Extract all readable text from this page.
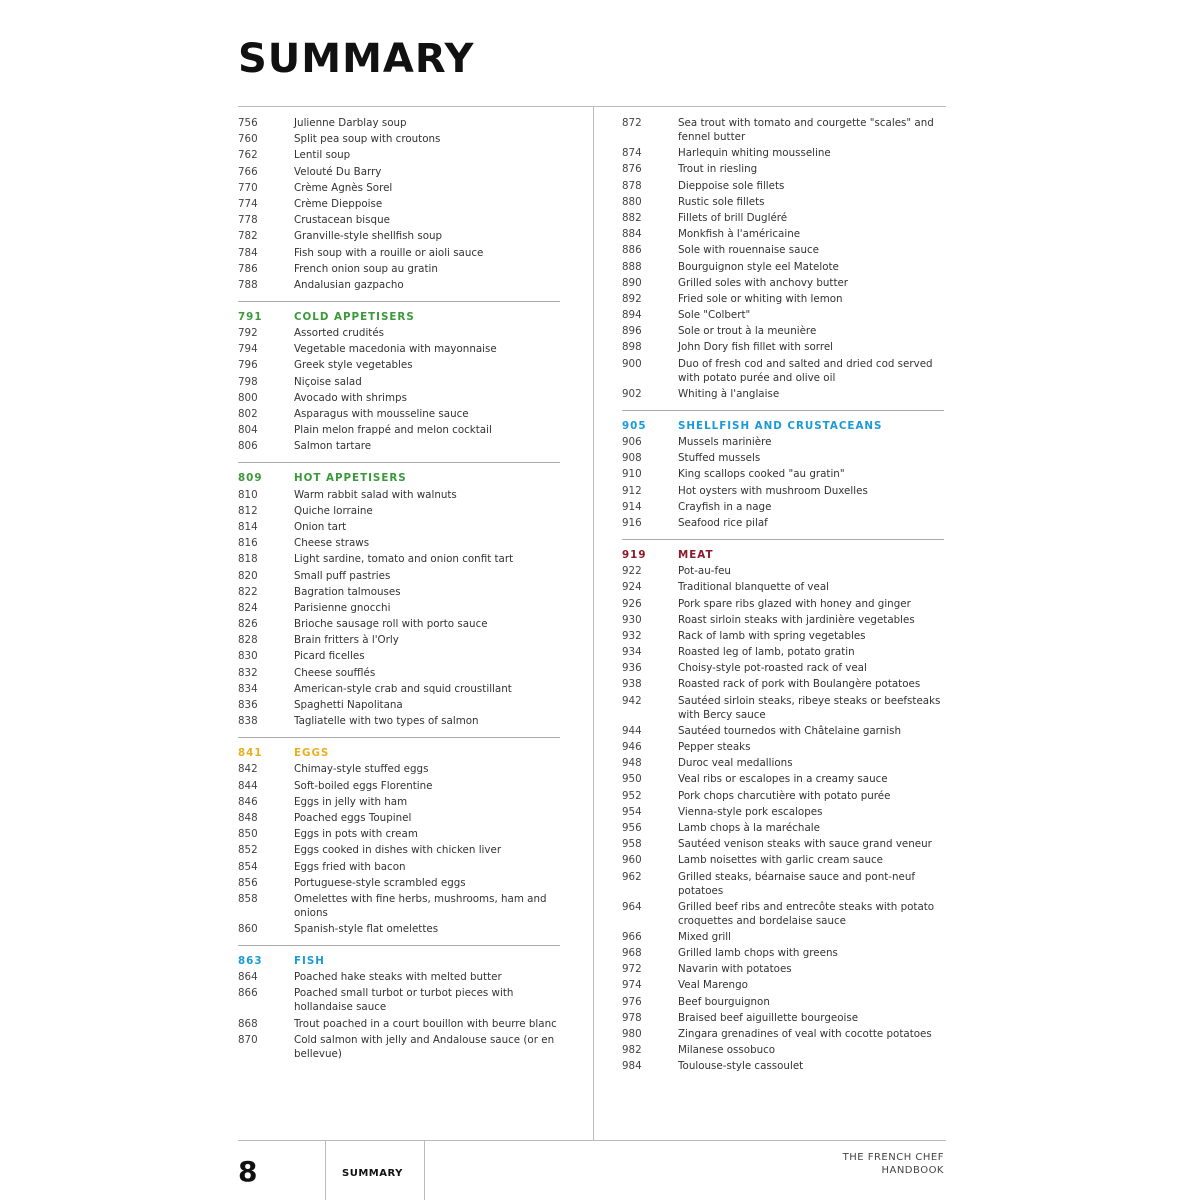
SUMMARY
756	Julienne Darblay soup
760	Split pea soup with croutons
762	Lentil soup
766	Velouté Du Barry
770	Crème Agnès Sorel
774	Crème Dieppoise
778	Crustacean bisque
782	Granville-style shellfish soup
784	Fish soup with a rouille or aioli sauce
786	French onion soup au gratin
788	Andalusian gazpacho
791	COLD APPETISERS
792	Assorted crudités
794	Vegetable macedonia with mayonnaise
796	Greek style vegetables
798	Niçoise salad
800	Avocado with shrimps
802	Asparagus with mousseline sauce
804	Plain melon frappé and melon cocktail
806	Salmon tartare
809	HOT APPETISERS
810	Warm rabbit salad with walnuts
812	Quiche lorraine
814	Onion tart
816	Cheese straws
818	Light sardine, tomato and onion confit tart
820	Small puff pastries
822	Bagration talmouses
824	Parisienne gnocchi
826	Brioche sausage roll with porto sauce
828	Brain fritters à l'Orly
830	Picard ficelles
832	Cheese soufflés
834	American-style crab and squid croustillant
836	Spaghetti Napolitana
838	Tagliatelle with two types of salmon
841	EGGS
842	Chimay-style stuffed eggs
844	Soft-boiled eggs Florentine
846	Eggs in jelly with ham
848	Poached eggs Toupinel
850	Eggs in pots with cream
852	Eggs cooked in dishes with chicken liver
854	Eggs fried with bacon
856	Portuguese-style scrambled eggs
858	Omelettes with fine herbs, mushrooms, ham and onions
860	Spanish-style flat omelettes
863	FISH
864	Poached hake steaks with melted butter
866	Poached small turbot or turbot pieces with hollandaise sauce
868	Trout poached in a court bouillon with beurre blanc
870	Cold salmon with jelly and Andalouse sauce (or en bellevue)
872	Sea trout with tomato and courgette "scales" and fennel butter
874	Harlequin whiting mousseline
876	Trout in riesling
878	Dieppoise sole fillets
880	Rustic sole fillets
882	Fillets of brill Dugléré
884	Monkfish à l'américaine
886	Sole with rouennaise sauce
888	Bourguignon style eel Matelote
890	Grilled soles with anchovy butter
892	Fried sole or whiting with lemon
894	Sole "Colbert"
896	Sole or trout à la meunière
898	John Dory fish fillet with sorrel
900	Duo of fresh cod and salted and dried cod served with potato purée and olive oil
902	Whiting à l'anglaise
905	SHELLFISH AND CRUSTACEANS
906	Mussels marinière
908	Stuffed mussels
910	King scallops cooked "au gratin"
912	Hot oysters with mushroom Duxelles
914	Crayfish in a nage
916	Seafood rice pilaf
919	MEAT
922	Pot-au-feu
924	Traditional blanquette of veal
926	Pork spare ribs glazed with honey and ginger
930	Roast sirloin steaks with jardinière vegetables
932	Rack of lamb with spring vegetables
934	Roasted leg of lamb, potato gratin
936	Choisy-style pot-roasted rack of veal
938	Roasted rack of pork with Boulangère potatoes
942	Sautéed sirloin steaks, ribeye steaks or beefsteaks with Bercy sauce
944	Sautéed tournedos with Châtelaine garnish
946	Pepper steaks
948	Duroc veal medallions
950	Veal ribs or escalopes in a creamy sauce
952	Pork chops charcutière with potato purée
954	Vienna-style pork escalopes
956	Lamb chops à la maréchale
958	Sautéed venison steaks with sauce grand veneur
960	Lamb noisettes with garlic cream sauce
962	Grilled steaks, béarnaise sauce and pont-neuf potatoes
964	Grilled beef ribs and entrecôte steaks with potato croquettes and bordelaise sauce
966	Mixed grill
968	Grilled lamb chops with greens
972	Navarin with potatoes
974	Veal Marengo
976	Beef bourguignon
978	Braised beef aiguillette bourgeoise
980	Zingara grenadines of veal with cocotte potatoes
982	Milanese ossobuco
984	Toulouse-style cassoulet
8	SUMMARY
THE FRENCH CHEF
HANDBOOK
